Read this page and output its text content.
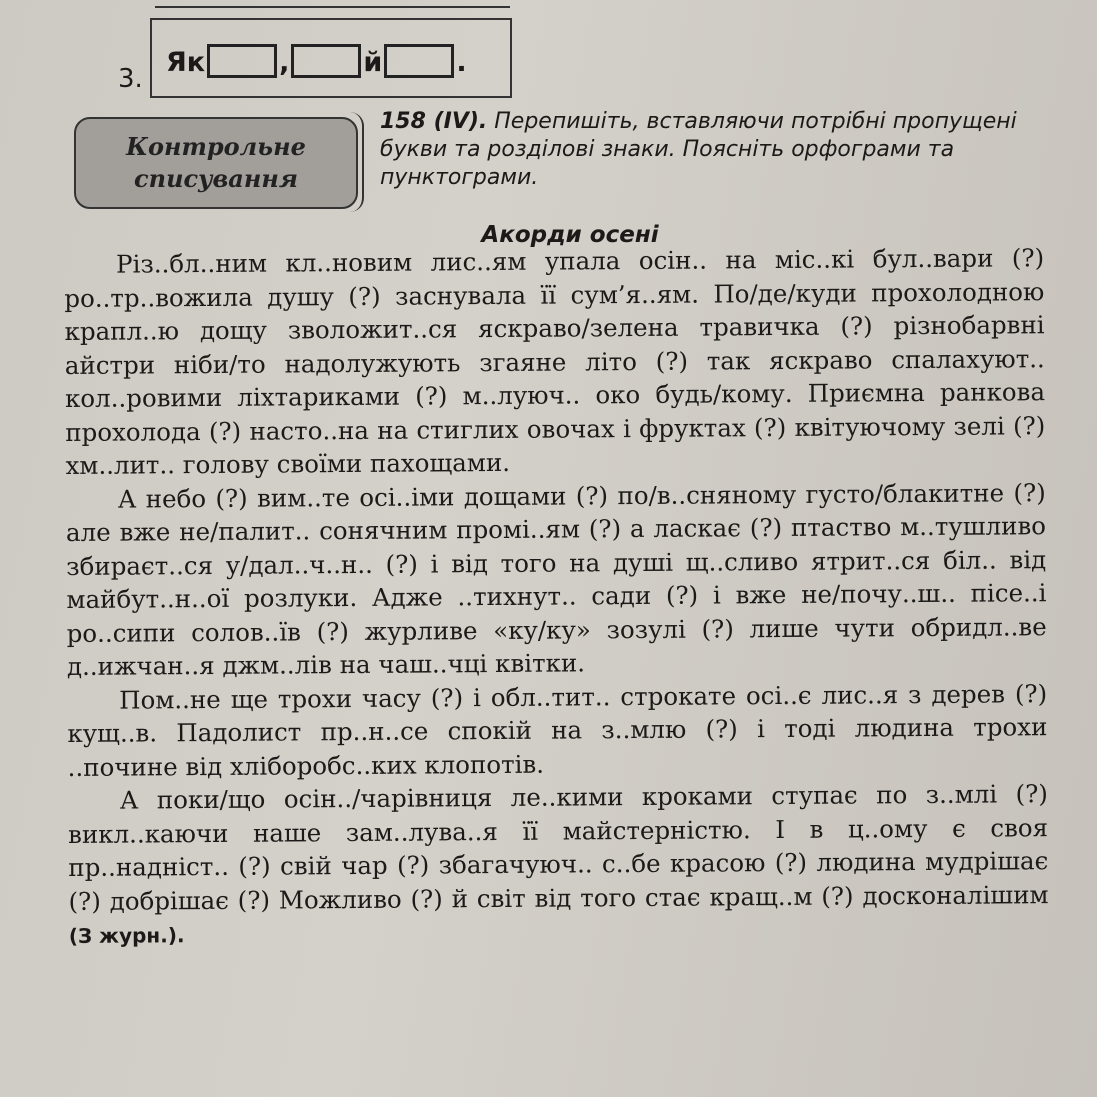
3.
Як	,	й	.
Контрольне
списування
158 (IV). Перепишіть, вставляючи потрібні пропущені букви та розділові знаки. Поясніть орфограми та пунктограми.
Акорди осені

Різ..бл..ним кл..новим лис..ям упала осін.. на міс..кі бул..вари (?) ро..тр..вожила душу (?) заснувала її сум’я..ям. По/де/куди прохолодною крапл..ю дощу зволожит..ся яскраво/зелена травичка (?) різнобарвні айстри ніби/то надолужують згаяне літо (?) так яскраво спалахуют.. кол..ровими ліхтариками (?) м..луюч.. око будь/кому. Приємна ранкова прохолода (?) насто..на на стиглих овочах і фруктах (?) квітуючому зелі (?) хм..лит.. голову своїми пахощами.

А небо (?) вим..те осі..іми дощами (?) по/в..сняному густо/блакитне (?) але вже не/палит.. сонячним промі..ям (?) а ласкає (?) птаство м..тушливо збираєт..ся у/дал..ч..н.. (?) і від того на душі щ..сливо ятрит..ся біл.. від майбут..н..ої розлуки. Адже ..тихнут.. сади (?) і вже не/почу..ш.. пісе..і ро..сипи солов..їв (?) журливе «ку/ку» зозулі (?) лише чути обридл..ве д..ижчан..я джм..лів на чаш..чці квітки.

Пом..не ще трохи часу (?) і обл..тит.. строкате осі..є лис..я з дерев (?) кущ..в. Падолист пр..н..се спокій на з..млю (?) і тоді людина трохи ..почине від хліборобс..ких клопотів.

А поки/що осін../чарівниця ле..кими кроками ступає по з..млі (?) викл..каючи наше зам..лува..я її майстерністю. І в ц..ому є своя пр..надніст.. (?) свій чар (?) збагачуюч.. с..бе красою (?) людина мудрішає (?) добрішає (?) Можливо (?) й світ від того стає кращ..м (?) досконалішим (З журн.).
